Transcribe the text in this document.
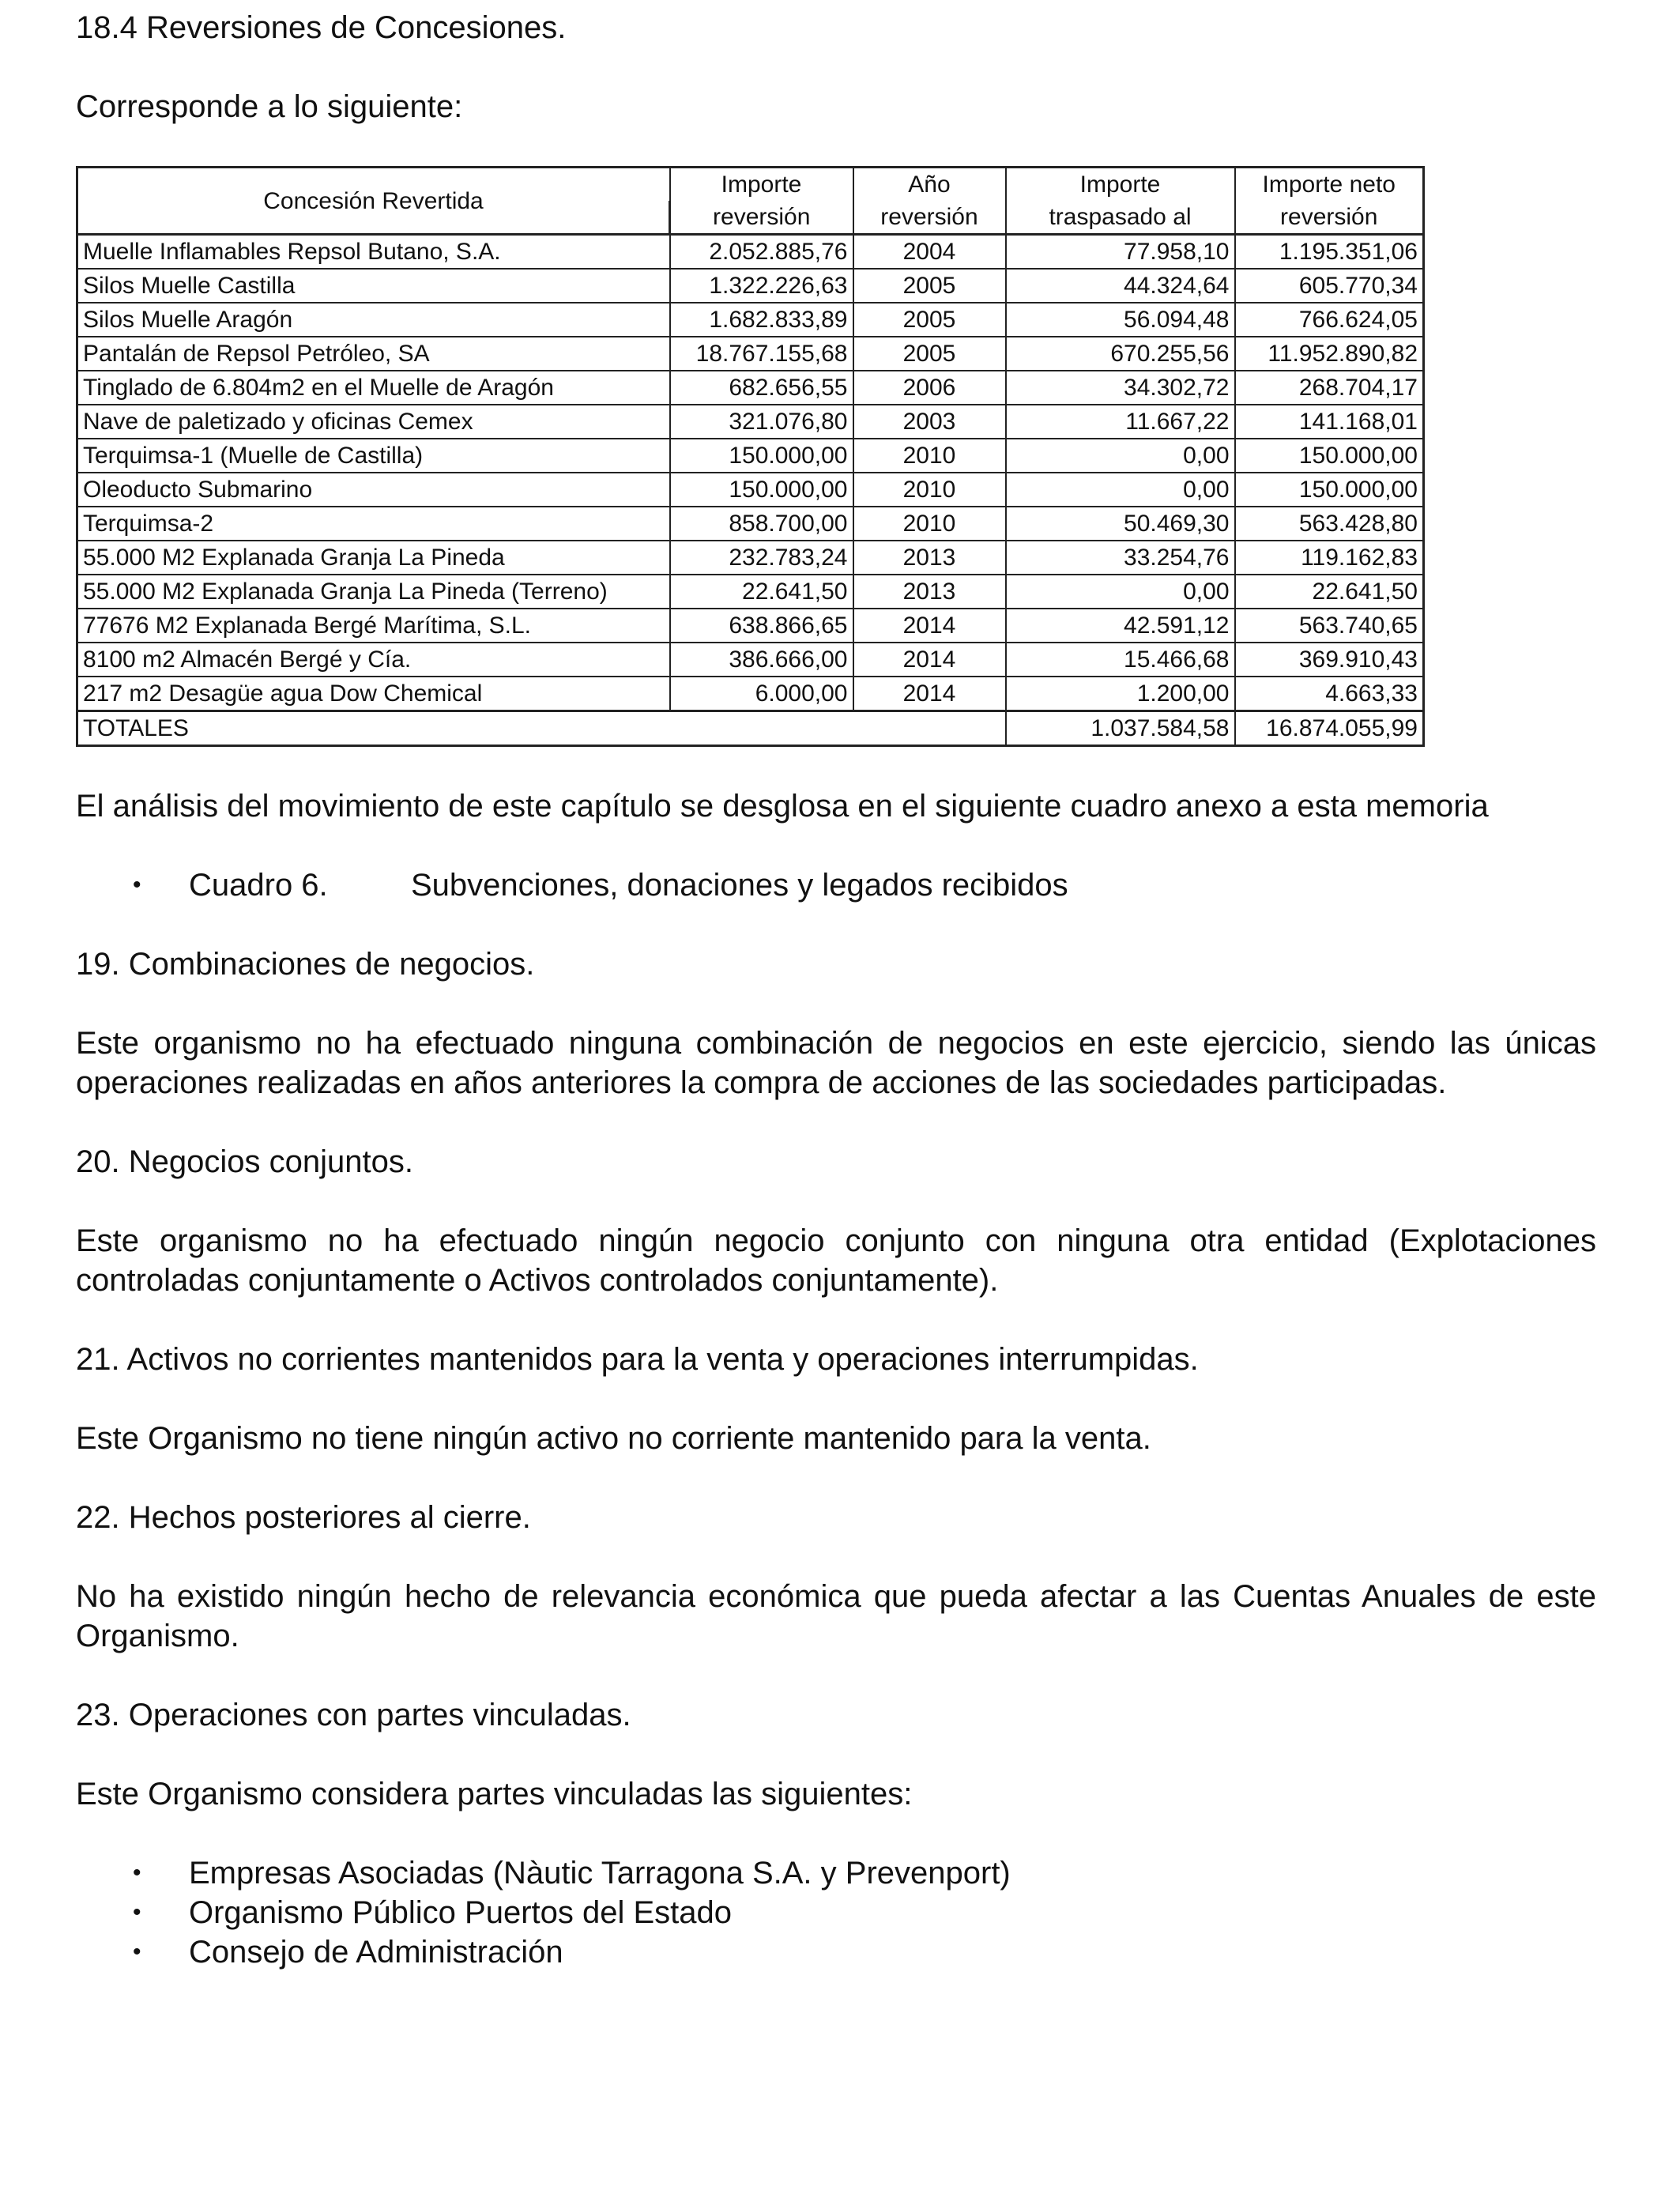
18.4 Reversiones de Concesiones.

Corresponde a lo siguiente:

Concesión Revertida	Importe	Año	Importe	Importe neto
	reversión	reversión	traspasado al	reversión
Muelle Inflamables Repsol Butano, S.A.	2.052.885,76	2004	77.958,10	1.195.351,06
Silos Muelle Castilla	1.322.226,63	2005	44.324,64	605.770,34
Silos Muelle Aragón	1.682.833,89	2005	56.094,48	766.624,05
Pantalán de Repsol Petróleo, SA	18.767.155,68	2005	670.255,56	11.952.890,82
Tinglado de 6.804m2 en el Muelle de Aragón	682.656,55	2006	34.302,72	268.704,17
Nave de paletizado y oficinas Cemex	321.076,80	2003	11.667,22	141.168,01
Terquimsa-1 (Muelle de Castilla)	150.000,00	2010	0,00	150.000,00
Oleoducto Submarino	150.000,00	2010	0,00	150.000,00
Terquimsa-2	858.700,00	2010	50.469,30	563.428,80
55.000 M2 Explanada Granja La Pineda	232.783,24	2013	33.254,76	119.162,83
55.000 M2 Explanada Granja La Pineda (Terreno)	22.641,50	2013	0,00	22.641,50
77676 M2 Explanada Bergé Marítima, S.L.	638.866,65	2014	42.591,12	563.740,65
8100 m2 Almacén Bergé y Cía.	386.666,00	2014	15.466,68	369.910,43
217 m2 Desagüe agua Dow Chemical	6.000,00	2014	1.200,00	4.663,33
TOTALES			1.037.584,58	16.874.055,99

El análisis del movimiento de este capítulo se desglosa en el siguiente cuadro anexo a esta memoria

• Cuadro 6.	Subvenciones, donaciones y legados recibidos

19. Combinaciones de negocios.

Este organismo no ha efectuado ninguna combinación de negocios en este ejercicio, siendo las únicas operaciones realizadas en años anteriores la compra de acciones de las sociedades participadas.

20. Negocios conjuntos.

Este organismo no ha efectuado ningún negocio conjunto con ninguna otra entidad (Explotaciones controladas conjuntamente o Activos controlados conjuntamente).

21. Activos no corrientes mantenidos para la venta y operaciones interrumpidas.

Este Organismo no tiene ningún activo no corriente mantenido para la venta.

22. Hechos posteriores al cierre.

No ha existido ningún hecho de relevancia económica que pueda afectar a las Cuentas Anuales de este Organismo.

23. Operaciones con partes vinculadas.

Este Organismo considera partes vinculadas las siguientes:

• Empresas Asociadas (Nàutic Tarragona S.A. y Prevenport)
• Organismo Público Puertos del Estado
• Consejo de Administración
